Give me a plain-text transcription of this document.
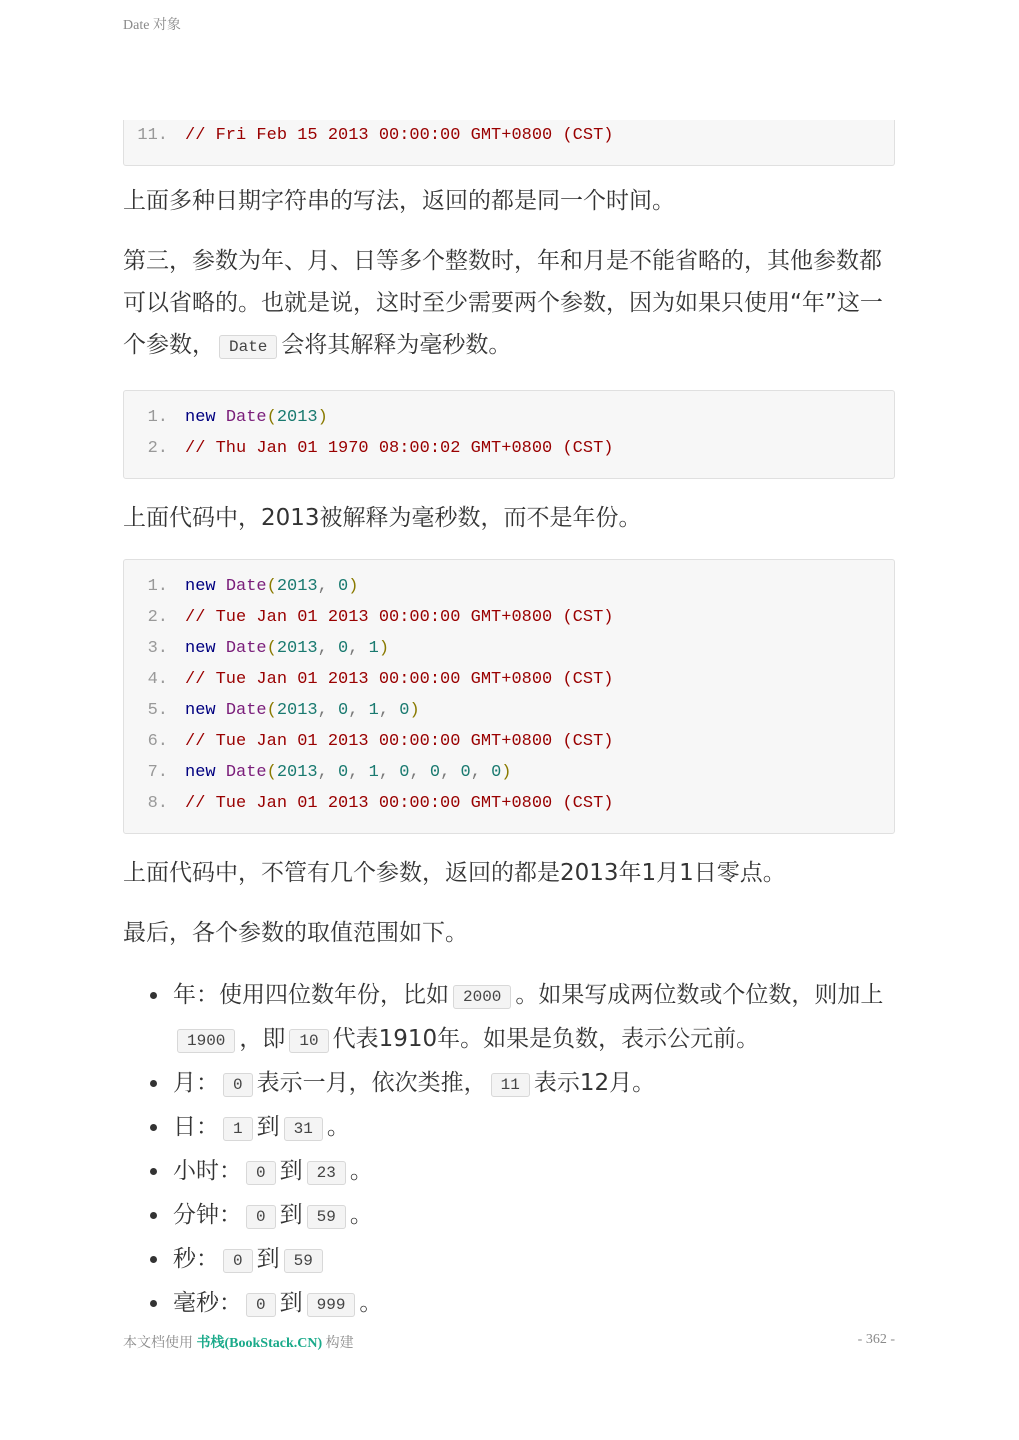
Date 对象
11.	// Fri Feb 15 2013 00:00:00 GMT+0800 (CST)

上面多种日期字符串的写法，返回的都是同一个时间。

第三，参数为年、月、日等多个整数时，年和月是不能省略的，其他参数都可以省略的。也就是说，这时至少需要两个参数，因为如果只使用“年”这一个参数， Date 会将其解释为毫秒数。

1.	new Date(2013)
2.	// Thu Jan 01 1970 08:00:02 GMT+0800 (CST)

上面代码中，2013被解释为毫秒数，而不是年份。

1.	new Date(2013, 0)
2.	// Tue Jan 01 2013 00:00:00 GMT+0800 (CST)
3.	new Date(2013, 0, 1)
4.	// Tue Jan 01 2013 00:00:00 GMT+0800 (CST)
5.	new Date(2013, 0, 1, 0)
6.	// Tue Jan 01 2013 00:00:00 GMT+0800 (CST)
7.	new Date(2013, 0, 1, 0, 0, 0, 0)
8.	// Tue Jan 01 2013 00:00:00 GMT+0800 (CST)

上面代码中，不管有几个参数，返回的都是2013年1月1日零点。

最后，各个参数的取值范围如下。

年：使用四位数年份，比如 2000 。如果写成两位数或个位数，则加上1900 ，即 10 代表1910年。如果是负数，表示公元前。
月： 0 表示一月，依次类推， 11 表示12月。
日： 1 到 31 。
小时： 0 到 23 。
分钟： 0 到 59 。
秒： 0 到 59
毫秒： 0 到 999 。
本文档使用 书栈(BookStack.CN) 构建	- 362 -
